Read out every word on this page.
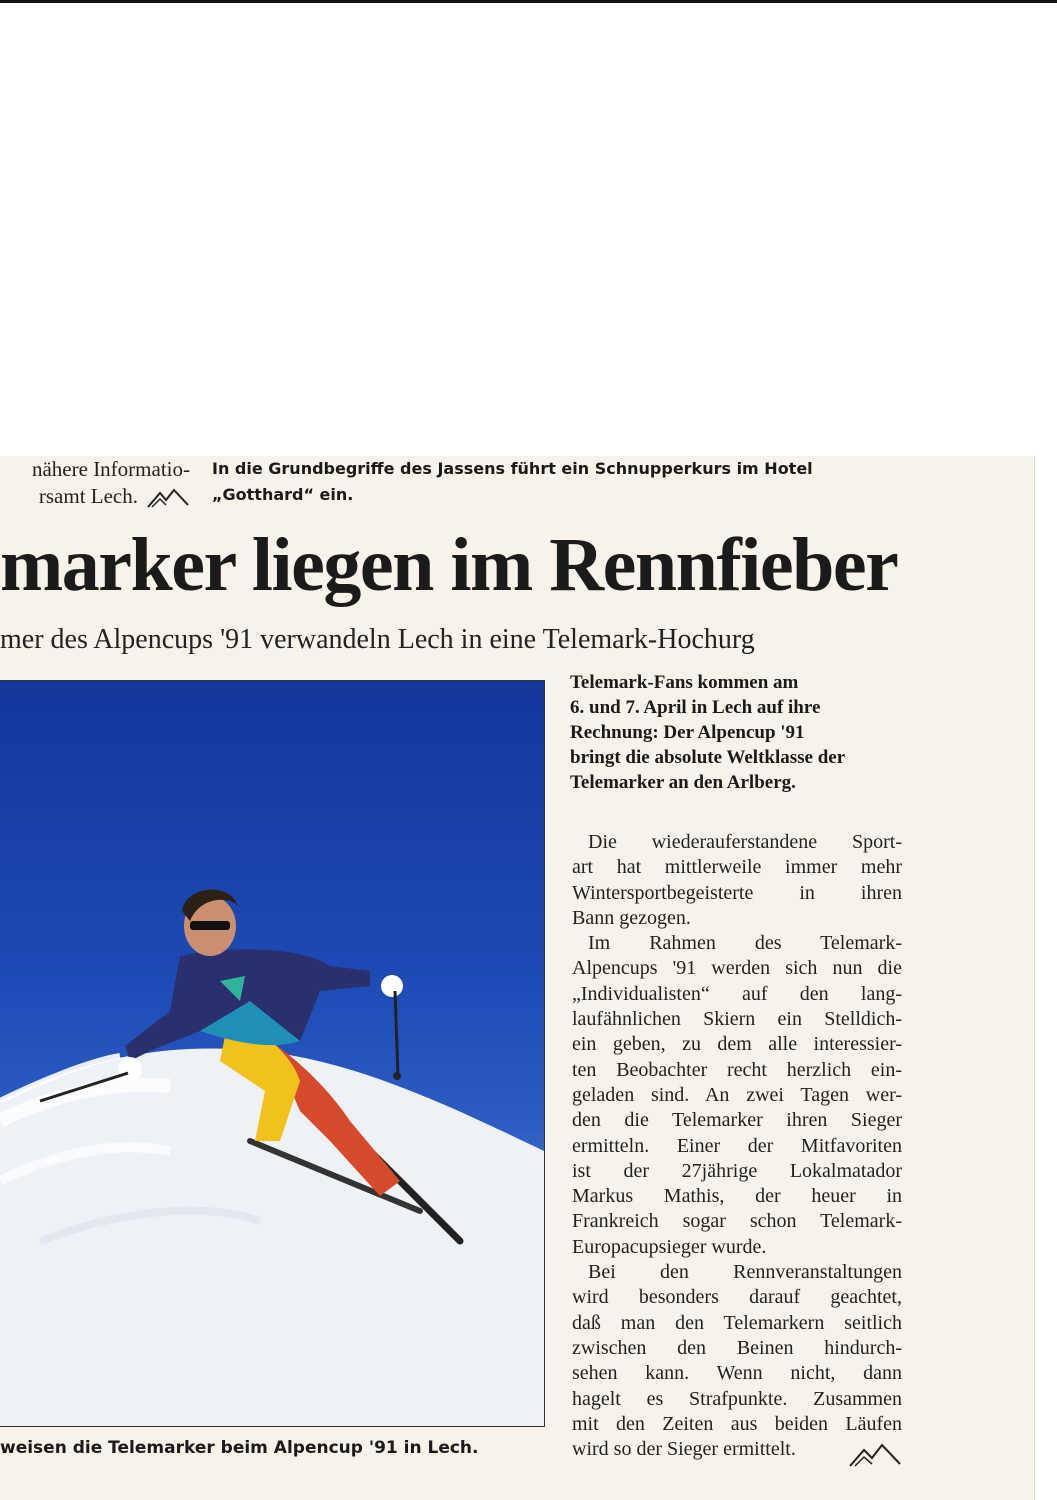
nähere Informatio-
rsamt Lech.
In die Grundbegriffe des Jassens führt ein Schnupperkurs im Hotel
„Gotthard“ ein.
marker liegen im Rennfieber
mer des Alpencups '91 verwandeln Lech in eine Telemark-Hochurg
weisen die Telemarker beim Alpencup '91 in Lech.
Telemark-Fans kommen am
6. und 7. April in Lech auf ihre
Rechnung: Der Alpencup '91
bringt die absolute Weltklasse der
Telemarker an den Arlberg.
Die wiederauferstandene Sport-
art hat mittlerweile immer mehr
Wintersportbegeisterte in ihren
Bann gezogen.
Im Rahmen des Telemark-
Alpencups '91 werden sich nun die
„Individualisten“ auf den lang-
laufähnlichen Skiern ein Stelldich-
ein geben, zu dem alle interessier-
ten Beobachter recht herzlich ein-
geladen sind. An zwei Tagen wer-
den die Telemarker ihren Sieger
ermitteln. Einer der Mitfavoriten
ist der 27jährige Lokalmatador
Markus Mathis, der heuer in
Frankreich sogar schon Telemark-
Europacupsieger wurde.
Bei den Rennveranstaltungen
wird besonders darauf geachtet,
daß man den Telemarkern seitlich
zwischen den Beinen hindurch-
sehen kann. Wenn nicht, dann
hagelt es Strafpunkte. Zusammen
mit den Zeiten aus beiden Läufen
wird so der Sieger ermittelt.
